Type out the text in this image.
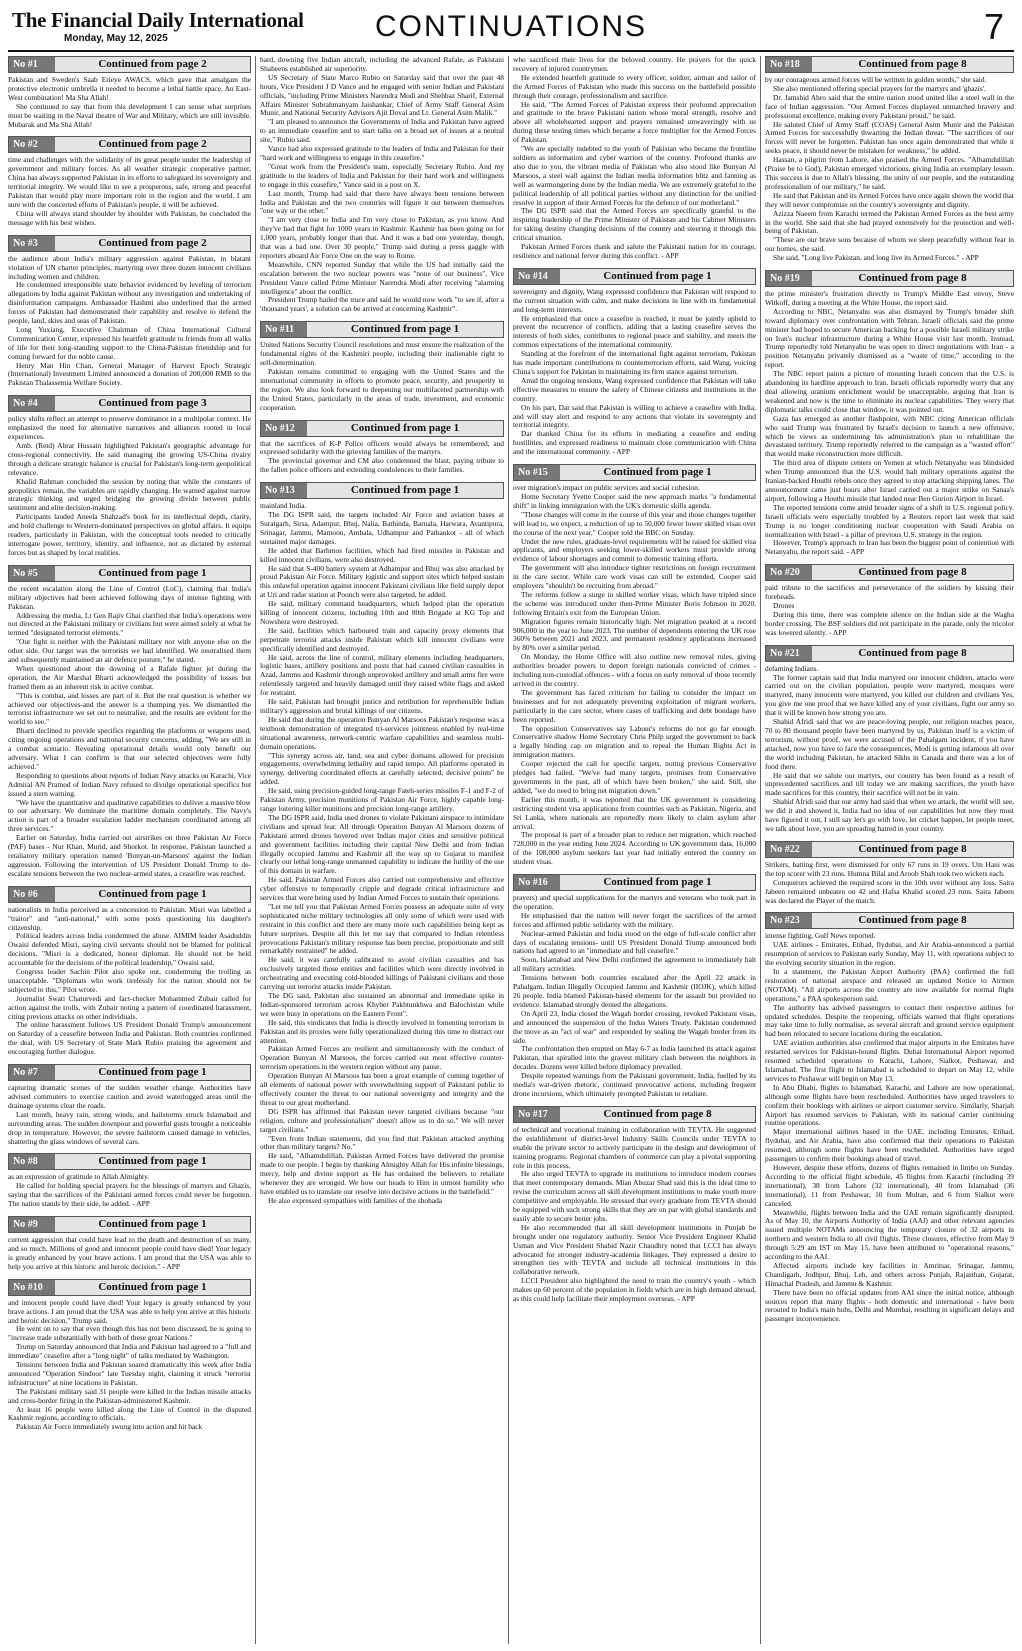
The Financial Daily International
Monday, May 12, 2025	CONTINUATIONS	7
No #1	Continued from page 2

Pakistan and Sweden's Saab Erieye AWACS, which gave that amalgam the protective electronic umbrella it needed to become a lethal battle space. An East-West combination! Ma Sha Allah!

She continued to say that from this development I can sense what surprises must be waiting in the Naval theatre of War and Military, which are still invisible. Mubarak and Ma Sha Allah!

No #2	Continued from page 2

time and challenges with the solidarity of its great people under the leadership of government and military forces. As all weather strategic cooperative partner, China has always supported Pakistan in its efforts to safeguard its sovereignty and territorial integrity. We would like to see a prosperous, safe, strong and peaceful Pakistan that would play more important role in the region and the world. I am sure with the concerted efforts of Pakistan's people, it will be achieved.

China will always stand shoulder by shoulder with Pakistan, he concluded the message with his best wishes.

No #3	Continued from page 2

the audience about India's military aggression against Pakistan, in blatant violation of UN charter principles, martyring over three dozen innocent civilians including women and children.

He condemned irresponsible state behavior evidenced by leveling of terrorism allegations by India against Pakistan without any investigation and undertaking of disinformation campaigns. Ambassador Hashmi also underlined that the armed forces of Pakistan had demonstrated their capability and resolve to defend the people, land, skies and seas of Pakistan.

Long Yuxiang, Executive Chairman of China International Cultural Communication Center, expressed his heartfelt gratitude to friends from all walks of life for their long-standing support to the China-Pakistan friendship and for coming forward for the noble cause.

Henry Man Hin Chan, General Manager of Harvest Epoch Strategic (International) Investment Limited announced a donation of 200,000 RMB to the Pakistan Thalassemia Welfare Society.

No #4	Continued from page 3

policy shifts reflect an attempt to preserve dominance in a multipolar context. He emphasized the need for alternative narratives and alliances rooted in local experiences.

Amb. (Retd) Abrar Hussain highlighted Pakistan's geographic advantage for cross-regional connectivity. He said managing the growing US-China rivalry through a delicate strategic balance is crucial for Pakistan's long-term geopolitical relevance.

Khalid Rahman concluded the session by noting that while the constants of geopolitics remain, the variables are rapidly changing. He warned against narrow strategic thinking and urged bridging the growing divide between public sentiment and elite decision-making.

Participants lauded Aneela Shahzad's book for its intellectual depth, clarity, and bold challenge to Western-dominated perspectives on global affairs. It equips readers, particularly in Pakistan, with the conceptual tools needed to critically interrogate power, territory, identity, and influence, not as dictated by external forces but as shaped by local realities.

No #5	Continued from page 1

the recent escalation along the Line of Control (LoC), claiming that India's military objectives had been achieved following days of intense fighting with Pakistan.

Addressing the media, Lt Gen Rajiv Ghai clarified that India's operations were not directed at the Pakistani military or civilians but were aimed solely at what he termed "designated terrorist elements."

"Our fight is neither with the Pakistani military nor with anyone else on the other side. Our target was the terrorists we had identified. We neutralised them and subsequently maintained an air defence posture," he stated.

When questioned about the downing of a Rafale fighter jet during the operation, the Air Marshal Bharti acknowledged the possibility of losses but framed them as an inherent risk in active combat.

"This is combat, and losses are part of it. But the real question is whether we achieved our objectives-and the answer is a thumping yes. We dismantled the terrorist infrastructure we set out to neutralise, and the results are evident for the world to see."

Bharti declined to provide specifics regarding the platforms or weapons used, citing ongoing operations and national security concerns, adding, "We are still in a combat scenario. Revealing operational details would only benefit our adversary. What I can confirm is that our selected objectives were fully achieved."

Responding to questions about reports of Indian Navy attacks on Karachi, Vice Admiral AN Pramod of Indian Navy refused to divulge operational specifics but issued a stern warning.

"We have the quantitative and qualitative capabilities to deliver a massive blow to our adversary. We dominate the maritime domain completely. The Navy's action is part of a broader escalation ladder mechanism coordinated among all three services."

Earlier on Saturday, India carried out airstrikes on three Pakistan Air Force (PAF) bases - Nur Khan, Murid, and Shorkot. In response, Pakistan launched a retaliatory military operation named 'Bunyan-un-Marsoos' against the Indian aggression. Following the intervention of US President Donald Trump to de-escalate tensions between the two nuclear-armed states, a ceasefire was reached.

No #6	Continued from page 1

nationalists in India perceived as a concession to Pakistan. Misri was labelled a "traitor" and "anti-national," with some posts questioning his daughter's citizenship.

Political leaders across India condemned the abuse. AIMIM leader Asaduddin Owaisi defended Misri, saying civil servants should not be blamed for political decisions. "Misri is a dedicated, honest diplomat. He should not be held accountable for the decisions of the political leadership," Owaisi said.

Congress leader Sachin Pilot also spoke out, condemning the trolling as unacceptable. "Diplomats who work tirelessly for the nation should not be subjected to this," Pilot wrote.

Journalist Swati Chaturvedi and fact-checker Mohammed Zubair called for action against the trolls, with Zubair noting a pattern of coordinated harassment, citing previous attacks on other individuals.

The online harassment follows US President Donald Trump's announcement on Saturday of a ceasefire between India and Pakistan. Both countries confirmed the deal, with US Secretary of State Mark Rubio praising the agreement and encouraging further dialogue.

No #7	Continued from page 1

capturing dramatic scenes of the sudden weather change. Authorities have advised commuters to exercise caution and avoid waterlogged areas until the drainage systems clear the roads.

Last month, heavy rain, strong winds, and hailstorms struck Islamabad and surrounding areas. The sudden downpour and powerful gusts brought a noticeable drop in temperature. However, the severe hailstorm caused damage to vehicles, shattering the glass windows of several cars.

No #8	Continued from page 1

as an expression of gratitude to Allah Almighty.

He called for holding special prayers for the blessings of martyrs and Ghazis, saying that the sacrifices of the Pakistani armed forces could never be forgotten. The nation stands by their side, he added. - APP

No #9	Continued from page 1

current aggression that could have lead to the death and destruction of so many, and so much. Millions of good and innocent people could have died! Your legacy is greatly enhanced by your brave actions. I am proud that the USA was able to help you arrive at this historic and heroic decision." - APP

No #10	Continued from page 1

and innocent people could have died! Your legacy is greatly enhanced by your brave actions. I am proud that the USA was able to help you arrive at this historic and heroic decision," Trump said.

He went on to say that even though this has not been discussed, he is going to "increase trade substantially with both of these great Nations."

Trump on Saturday announced that India and Pakistan had agreed to a "full and immediate" ceasefire after a "long night" of talks mediated by Washington.

Tensions between India and Pakistan soared dramatically this week after India announced "Operation Sindoor" late Tuesday night, claiming it struck "terrorist infrastructure" at nine locations in Pakistan.

The Pakistani military said 31 people were killed in the Indian missile attacks and cross-border firing in the Pakistan-administered Kashmir.

At least 16 people were killed along the Line of Control in the disputed Kashmir regions, according to officials.

Pakistan Air Force immediately swung into action and hit back

hard, downing five Indian aircraft, including the advanced Rafale, as Pakistani Shaheens established air superiority.

US Secretary of State Marco Rubio on Saturday said that over the past 48 hours, Vice President J D Vance and he engaged with senior Indian and Pakistani officials, "including Prime Ministers Narendra Modi and Shehbaz Sharif, External Affairs Minister Subrahmanyam Jaishankar, Chief of Army Staff General Asim Munir, and National Security Advisors Ajit Doval and Lt. General Asim Malik."

"I am pleased to announce the Governments of India and Pakistan have agreed to an immediate ceasefire and to start talks on a broad set of issues at a neutral site," Rubio said.

Vance had also expressed gratitude to the leaders of India and Pakistan for their "hard work and willingness to engage in this ceasefire."

"Great work from the President's team, especially Secretary Rubio. And my gratitude to the leaders of India and Pakistan for their hard work and willingness to engage in this ceasefire," Vance said in a post on X.

Last month, Trump had said that there have always been tensions between India and Pakistan and the two countries will figure it out between themselves "one way or the other."

"I am very close to India and I'm very close to Pakistan, as you know. And they've had that fight for 1000 years in Kashmir. Kashmir has been going on for 1,000 years, probably longer than that. And it was a bad one yesterday, though, that was a bad one. Over 30 people," Trump said during a press gaggle with reporters aboard Air Force One on the way to Rome.

Meanwhile, CNN reported Sunday that while the US had initially said the escalation between the two nuclear powers was "none of our business", Vice President Vance called Prime Minister Narendra Modi after receiving "alarming intelligence" about the conflict.

President Trump hailed the truce and said he would now work "to see if, after a 'thousand years', a solution can be arrived at concerning Kashmir".

No #11	Continued from page 1

United Nations Security Council resolutions and must ensure the realization of the fundamental rights of the Kashmiri people, including their inalienable right to self-determination.

Pakistan remains committed to engaging with the United States and the international community in efforts to promote peace, security, and prosperity in the region. We also look forward to deepening our multifaceted partnership with the United States, particularly in the areas of trade, investment, and economic cooperation.

No #12	Continued from page 1

that the sacrifices of K-P Police officers would always be remembered, and expressed solidarity with the grieving families of the martyrs.

The provincial governor and CM also condemned the blast, paying tribute to the fallen police officers and extending condolences to their families.

No #13	Continued from page 1

mainland India.

The DG ISPR said, the targets included Air Force and aviation bases at Suratgarh, Sirsa, Adampur, Bhuj, Nalia, Bathinda, Barnala, Harwara, Avantipura, Srinagar, Jammu, Mamoon, Ambala, Udhampur and Pathankot - all of which sustained major damages.

He added that Barhmos facilities, which had fired missiles in Pakistan and killed innocent civilians, were also destroyed.

He said that S-400 battery system at Adhampur and Bhuj was also attacked by proud Pakistan Air Force. Military logistic and support sites which helped sustain this unlawful operation against innocent Pakistani civilians like field supply depot at Uri and radar station at Poonch were also targeted, he added.

He said, military command headquarters, which helped plan the operation killing of innocent citizens, including 10th and 80th Brigade at KG Top and Nowshera were destroyed.

He said, facilities which harboured train and capacity proxy elements that perpetrate terrorist attacks inside Pakistan which kill innocent civilians were specifically identified and destroyed.

He said, across the line of control, military elements including headquarters, logistic bases, artillery positions and posts that had caused civilian casualties in Azad, Jammu and Kashmir through unprovoked artillery and small arms fire were relentlessly targeted and heavily damaged until they raised white flags and asked for restraint.

He said, Pakistan had brought justice and retribution for reprehensible Indian military's aggression and brutal killings of our citizens.

He said that during the operation Bunyan Al Marsoos Pakistan's response was a textbook demonstration of integrated tri-services jointness enabled by real-time situational awareness, network-centric warfare capabilities and seamless multi-domain operations.

"This synergy across air, land, sea and cyber domains allowed for precision engagements, overwhelming lethality and rapid tempo. All platforms operated in synergy, delivering coordinated effects at carefully selected, decisive points" he added.

He said, using precision-guided long-range Fateh-series missiles F-1 and F-2 of Pakistan Army, precision munitions of Pakistan Air Force, highly capable long-range loitering killer munitions and precision long-range artillery.

The DG ISPR said, India used drones to violate Pakistani airspace to intimidate civilians and spread fear. All through Operation Bunyan Al Marsoos dozens of Pakistani armed drones hovered over Indian major cities and sensitive political and government facilities including their capital New Delhi and from Indian illegally occupied Jammu and Kashmir all the way up to Gujarat to manifest clearly our lethal long-range unmanned capability to indicate the futility of the use of this domain in warfare.

He said, Pakistan Armed Forces also carried out comprehensive and effective cyber offensive to temporarily cripple and degrade critical infrastructure and services that were being used by Indian Armed Forces to sustain their operations.

"Let me tell you that Pakistan Armed Forces possess an adequate suite of very sophisticated niche military technologies all only some of which were used with restraint in this conflict and there are many more such capabilities being kept as future surprises. Despite all this let me say that compared to Indian relentless provocations Pakistan's military response has been precise, proportionate and still remarkably restrained" he added.

He said, it was carefully calibrated to avoid civilian casualties and has exclusively targeted those entities and facilities which were directly involved in orchestrating and executing cold-blooded killings of Pakistani civilians and those carrying out terrorist attacks inside Pakistan.

The DG said, Pakistan also sustained an abnormal and immediate spike in Indian-sponsored terrorism across Khyber Pakhtunkhwa and Balochistan while we were busy in operations on the Eastern Front".

He said, this vindicates that India is directly involved in fomenting terrorism in Pakistan and its proxies were fully operationalized during this time to distract our attention.

Pakistan Armed Forces are resilient and simultaneously with the conduct of Operation Bunyan Al Marsoos, the forces carried out most effective counter-terrorism operations in the western region without any pause.

Operation Bunyan Al Marsoos has been a great example of coming together of all elements of national power with overwhelming support of Pakistani public to effectively counter the threat to our national sovereignty and integrity and the threat to our great motherland.

DG ISPR has affirmed that Pakistan never targeted civilians because "our religion, culture and professionalism" doesn't allow us to do so." We will never target civilians."

"Even from Indian statements, did you find that Pakistan attacked anything other than military targets? No."

He said, "Alhamdulillah, Pakistan Armed Forces have delivered the promise made to our people. I begin by thanking Almighty Allah for His infinite blessings, mercy, help and divine support as He has ordained the believers to retaliate whenever they are wronged. We bow our heads to Him in utmost humility who have enabled us to translate our resolve into decisive actions in the battlefield."

He also expressed sympathies with families of the shohada

who sacrificed their lives for the beloved country. He prayers for the quick recovery of injured countrymen.

He extended heartfelt gratitude to every officer, soldier, airman and sailor of the Armed Forces of Pakistan who made this success on the battlefield possible through their courage, professionalism and sacrifice.

He said, "The Armed Forces of Pakistan express their profound appreciation and gratitude to the brave Pakistani nation whose moral strength, resolve and above all wholehearted support and prayers remained unwaveringly with us during these testing times which became a force multiplier for the Armed Forces of Pakistan.

"We are specially indebted to the youth of Pakistan who became the frontline soldiers as information and cyber warriors of the country. Profound thanks are also due to you, the vibrant media of Pakistan who also stood like Bunyan Al Marsoos, a steel wall against the Indian media information blitz and fanning as well as warmongering done by the Indian media. We are extremely grateful to the political leadership of all political parties without any distinction for the unified resolve in support of their Armed Forces for the defence of our motherland."

The DG ISPR said that the Armed Forces are specifically grateful to the inspiring leadership of the Prime Minister of Pakistan and his Cabinet Ministers for taking destiny changing decisions of the country and steering it through this critical situation.

Pakistan Armed Forces thank and salute the Pakistani nation for its courage, resilience and national fervor during this conflict. - APP

No #14	Continued from page 1

sovereignty and dignity, Wang expressed confidence that Pakistan will respond to the current situation with calm, and make decisions in line with its fundamental and long-term interests.

He emphasized that once a ceasefire is reached, it must be jointly upheld to prevent the recurrence of conflicts, adding that a lasting ceasefire serves the interests of both sides, contributes to regional peace and stability, and meets the common expectations of the international community.

Standing at the forefront of the international fight against terrorism, Pakistan has made important contributions to counterterrorism efforts, said Wang, voicing China's support for Pakistan in maintaining its firm stance against terrorism.

Amid the ongoing tensions, Wang expressed confidence that Pakistan will take effective measures to ensure the safety of Chinese citizens and institutions in the country.

On his part, Dar said that Pakistan is willing to achieve a ceasefire with India, and will stay alert and respond to any actions that violate its sovereignty and territorial integrity.

Dar thanked China for its efforts in mediating a ceasefire and ending hostilities, and expressed readiness to maintain close communication with China and the international community. - APP

No #15	Continued from page 1

over migration's impact on public services and social cohesion.

Home Secretary Yvette Cooper said the new approach marks "a fundamental shift" in linking immigration with the UK's domestic skills agenda.

"Those changes will come in the course of this year and those changes together will lead to, we expect, a reduction of up to 50,000 fewer lower skilled visas over the course of the next year," Cooper told the BBC on Sunday.

Under the new rules, graduate-level requirements will be raised for skilled visa applicants, and employers seeking lower-skilled workers must provide strong evidence of labour shortages and commit to domestic training efforts.

The government will also introduce tighter restrictions on foreign recruitment in the care sector. While care work visas can still be extended, Cooper said employers "shouldn't be recruiting from abroad."

The reforms follow a surge in skilled worker visas, which have tripled since the scheme was introduced under then-Prime Minister Boris Johnson in 2020, following Britain's exit from the European Union.

Migration figures remain historically high. Net migration peaked at a record 906,000 in the year to June 2023. The number of dependents entering the UK rose 360% between 2021 and 2023, and permanent residency applications increased by 80% over a similar period.

On Monday, the Home Office will also outline new removal rules, giving authorities broader powers to deport foreign nationals convicted of crimes - including non-custodial offences - with a focus on early removal of those recently arrived in the country.

The government has faced criticism for failing to consider the impact on businesses and for not adequately preventing exploitation of migrant workers, particularly in the care sector, where cases of trafficking and debt bondage have been reported.

The opposition Conservatives say Labour's reforms do not go far enough. Conservative shadow Home Secretary Chris Philp urged the government to back a legally binding cap on migration and to repeal the Human Rights Act in immigration matters.

Cooper rejected the call for specific targets, noting previous Conservative pledges had failed. "We've had many targets, promises from Conservative governments in the past, all of which have been broken," she said. Still, she added, "we do need to bring net migration down."

Earlier this month, it was reported that the UK government is considering restricting student visa applications from countries such as Pakistan, Nigeria, and Sri Lanka, where nationals are reportedly more likely to claim asylum after arrival.

The proposal is part of a broader plan to reduce net migration, which reached 728,000 in the year ending June 2024. According to UK government data, 16,000 of the 108,000 asylum seekers last year had initially entered the country on student visas.

No #16	Continued from page 1

prayers) and special supplications for the martyrs and veterans who took part in the operation.

He emphasised that the nation will never forget the sacrifices of the armed forces and affirmed public solidarity with the military.

Nuclear-armed Pakistan and India stood on the edge of full-scale conflict after days of escalating tensions- until US President Donald Trump announced both nations had agreed to an "immediate and full ceasefire."

Soon, Islamabad and New Delhi confirmed the agreement to immediately halt all military activities.

Tensions between both countries escalated after the April 22 attack in Pahalgam, Indian Illegally Occupied Jammu and Kashmir (IIOJK), which killed 26 people. India blamed Pakistan-based elements for the assault but provided no evidence. Islamabad strongly denied the allegations.

On April 23, India closed the Wagah border crossing, revoked Pakistani visas, and announced the suspension of the Indus Waters Treaty. Pakistan condemned the move as an "act of war" and responded by sealing the Wagah border from its side.

The confrontation then erupted on May 6-7 as India launched its attack against Pakistan, that spiralled into the gravest military clash between the neighbors in decades. Dozens were killed before diplomacy prevailed.

Despite repeated warnings from the Pakistani government, India, fuelled by its media's war-driven rhetoric, continued provocative actions, including frequent drone incursions, which ultimately prompted Pakistan to retaliate.

No #17	Continued from page 8

of technical and vocational training in collaboration with TEVTA. He suggested the establishment of district-level Industry Skills Councils under TEVTA to enable the private sector to actively participate in the design and development of training programs. Regional chambers of commerce can play a pivotal supporting role in this process.

He also urged TEVTA to upgrade its institutions to introduce modern courses that meet contemporary demands. Mian Abuzar Shad said this is the ideal time to revise the curriculum across all skill development institutions to make youth more competitive and employable. He stressed that every graduate from TEVTA should be equipped with such strong skills that they are on par with global standards and easily able to secure better jobs.

He also recommended that all skill development institutions in Punjab be brought under one regulatory authority. Senior Vice President Engineer Khalid Usman and Vice President Shahid Nazir Chaudhry noted that LCCI has always advocated for stronger industry-academia linkages. They expressed a desire to strengthen ties with TEVTA and include all technical institutions in this collaborative network.

LCCI President also highlighted the need to train the country's youth - which makes up 60 percent of the population in fields which are in high demand abroad, as this could help facilitate their employment overseas. - APP

No #18	Continued from page 8

by our courageous armed forces will be written in golden words," she said.

She also mentioned offering special prayers for the martyrs and 'ghazis'.

Dr. Jamshid Abro said that the entire nation stood united like a steel wall in the face of Indian aggression. "Our Armed Forces displayed unmatched bravery and professional excellence, making every Pakistani proud," he said.

He saluted Chief of Army Staff (COAS) General Asim Munir and the Pakistan Armed Forces for successfully thwarting the Indian threat. "The sacrifices of our forces will never be forgotten. Pakistan has once again demonstrated that while it seeks peace, it should never be mistaken for weakness," he added.

Hassan, a pilgrim from Lahore, also praised the Armed Forces. "Alhamdulillah (Praise be to God), Pakistan emerged victorious, giving India an exemplary lesson. This success is due to Allah's blessing, the unity of our people, and the outstanding professionalism of our military," he said.

He said that Pakistan and its Armed Forces have once again shown the world that they will never compromise on the country's sovereignty and dignity.

Azizza Naeem from Karachi termed the Pakistan Armed Forces as the best army in the world. She said that she had prayed extensively for the protection and well-being of Pakistan.

"These are our brave sons because of whom we sleep peacefully without fear in our homes, she said.

She said, "Long live Pakistan, and long live its Armed Forces." - APP

No #19	Continued from page 8

the prime minister's frustration directly to Trump's Middle East envoy, Steve Witkoff, during a meeting at the White House, the report said.

According to NBC, Netanyahu was also dismayed by Trump's broader shift toward diplomacy over confrontation with Tehran. Israeli officials said the prime minister had hoped to secure American backing for a possible Israeli military strike on Iran's nuclear infrastructure during a White House visit last month. Instead, Trump reportedly told Netanyahu he was open to direct negotiations with Iran - a position Netanyahu privately dismissed as a "waste of time," according to the report.

The NBC report paints a picture of mounting Israeli concern that the U.S. is abandoning its hardline approach to Iran. Israeli officials reportedly worry that any deal allowing uranium enrichment would be unacceptable, arguing that Iran is weakened and now is the time to eliminate its nuclear capabilities. They worry that diplomatic talks could close that window, it was pointed out.

Gaza has emerged as another flashpoint, with NBC citing American officials who said Trump was frustrated by Israel's decision to launch a new offensive, which he views as undermining his administration's plan to rehabilitate the devastated territory. Trump reportedly referred to the campaign as a "wasted effort" that would make reconstruction more difficult.

The third area of dispute centers on Yemen at which Netanyahu was blindsided when Trump announced that the U.S. would halt military operations against the Iranian-backed Houthi rebels once they agreed to stop attacking shipping lanes. The announcement came just hours after Israel carried out a major strike on Sanaa's airport, following a Houthi missile that landed near Ben Gurion Airport in Israel.

The reported tensions come amid broader signs of a shift in U.S. regional policy. Israeli officials were especially troubled by a Reuters report last week that said Trump is no longer conditioning nuclear cooperation with Saudi Arabia on normalization with Israel - a pillar of previous U.S. strategy in the region.

However, Trump's approach to Iran has been the biggest point of contention with Netanyahu, the report said. - APP

No #20	Continued from page 8

paid tribute to the sacrifices and perseverance of the soldiers by kissing their foreheads.

Drones

During this time, there was complete silence on the Indian side at the Wagha border crossing. The BSF soldiers did not participate in the parade, only the tricolor was lowered silently. - APP

No #21	Continued from page 8

defaming Indians.

The former captain said that India martyred our innocent children, attacks were carried out on the civilian population, people were martyred, mosques were martyred, many innocents were martyred, you killed our children and civilians Yes, you give me one proof that we have killed any of your civilians, fight our army so that it will be known how strong you are.

Shahid Afridi said that we are peace-loving people, our religion teaches peace, 70 to 80 thousand people have been martyred by us, Pakistan itself is a victim of terrorism, without proof, we were accused of the Pahalgam incident, if you have attacked, now you have to face the consequences, Modi is getting infamous all over the world including Pakistan, he attacked Sikhs in Canada and there was a lot of food there.

He said that we salute our martyrs, our country has been found as a result of unprecedented sacrifices and till today we are making sacrifices, the youth have made sacrifices for this country, their sacrifice will not be in vain.

Shahid Afridi said that our army had said that when we attack, the world will see, we did it and showed it, India had no idea of our capabilities but now they must have figured it out, I still say let's go with love, let cricket happen, let people meet, we talk about love, you are spreading hatred in your country.

No #22	Continued from page 8

Strikers, batting first, were dismissed for only 67 runs in 19 overs. Um Hani was the top scorer with 23 runs. Humna Bilal and Aroob Shah took two wickets each.

Conquerors achieved the required score in the 10th over without any loss. Saira Jabeen remained unbeaten on 42 and Hafsa Khalid scored 23 runs. Saira Jabeen was declared the Player of the match.

No #23	Continued from page 8

intense fighting, Gulf News reported.

UAE airlines - Emirates, Etihad, flydubai, and Air Arabia-announced a partial resumption of services to Pakistan early Sunday, May 11, with operations subject to the evolving security situation in the region.

In a statement, the Pakistan Airport Authority (PAA) confirmed the full restoration of national airspace and released an updated Notice to Airmen (NOTAM). "All airports across the country are now available for normal flight operations," a PAA spokesperson said.

The authority has advised passengers to contact their respective airlines for updated schedules. Despite the reopening, officials warned that flight operations may take time to fully normalise, as several aircraft and ground service equipment had been relocated to secure locations during the escalation.

UAE aviation authorities also confirmed that major airports in the Emirates have restarted services for Pakistan-bound flights. Dubai International Airport reported resumed scheduled operations to Karachi, Lahore, Sialkot, Peshawar, and Islamabad. The first flight to Islamabad is scheduled to depart on May 12, while services to Peshawar will begin on May 13.

In Abu Dhabi, flights to Islamabad, Karachi, and Lahore are now operational, although some flights have been rescheduled. Authorities have urged travelers to confirm their bookings with airlines or airport customer service. Similarly, Sharjah Airport has resumed services to Pakistan, with its national carrier continuing routine operations.

Major international airlines based in the UAE, including Emirates, Etihad, flydubai, and Air Arabia, have also confirmed that their operations to Pakistan resumed, although some flights have been rescheduled. Authorities have urged passengers to confirm their bookings ahead of travel.

However, despite these efforts, dozens of flights remained in limbo on Sunday. According to the official flight schedule, 45 flights from Karachi (including 39 international), 38 from Lahore (32 international), 40 from Islamabad (36 international), 11 from Peshawar, 10 from Multan, and 6 from Sialkot were canceled.

Meanwhile, flights between India and the UAE remain significantly disrupted. As of May 10, the Airports Authority of India (AAI) and other relevant agencies issued multiple NOTAMs announcing the temporary closure of 32 airports in northern and western India to all civil flights. These closures, effective from May 9 through 5:29 am IST on May 15, have been attributed to "operational reasons," according to the AAI.

Affected airports include key facilities in Amritsar, Srinagar, Jammu, Chandigarh, Jodhpur, Bhuj, Leh, and others across Punjab, Rajasthan, Gujarat, Himachal Pradesh, and Jammu & Kashmir.

There have been no official updates from AAI since the initial notice, although sources report that many flights - both domestic and international - have been rerouted to India's main hubs, Delhi and Mumbai, resulting in significant delays and passenger inconvenience.
